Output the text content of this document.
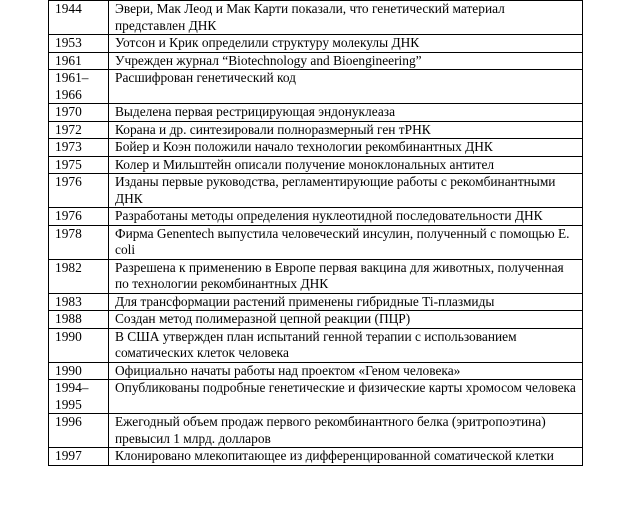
1944	Эвери, Мак Леод и Мак Карти показали, что генетический материал представлен ДНК
1953	Уотсон и Крик определили структуру молекулы ДНК
1961	Учрежден журнал “Biotechnology and Bioengineering”
1961–
1966	Расшифрован генетический код
1970	Выделена первая рестрицирующая эндонуклеаза
1972	Корана и др. синтезировали полноразмерный ген тРНК
1973	Бойер и Коэн положили начало технологии рекомбинантных ДНК
1975	Колер и Мильштейн описали получение моноклональных антител
1976	Изданы первые руководства, регламентирующие работы с рекомбинантными ДНК
1976	Разработаны методы определения нуклеотидной последовательности ДНК
1978	Фирма Genentech выпустила человеческий инсулин, полученный с помощью E. coli
1982	Разрешена к применению в Европе первая вакцина для животных, полученная по технологии рекомбинантных ДНК
1983	Для трансформации растений применены гибридные Ti-плазмиды
1988	Создан метод полимеразной цепной реакции (ПЦР)
1990	В США утвержден план испытаний генной терапии с использованием соматических клеток человека
1990	Официально начаты работы над проектом «Геном человека»
1994–
1995	Опубликованы подробные генетические и физические карты хромосом человека
1996	Ежегодный объем продаж первого рекомбинантного белка (эритропоэтина) превысил 1 млрд. долларов
1997	Клонировано млекопитающее из дифференцированной соматической клетки
